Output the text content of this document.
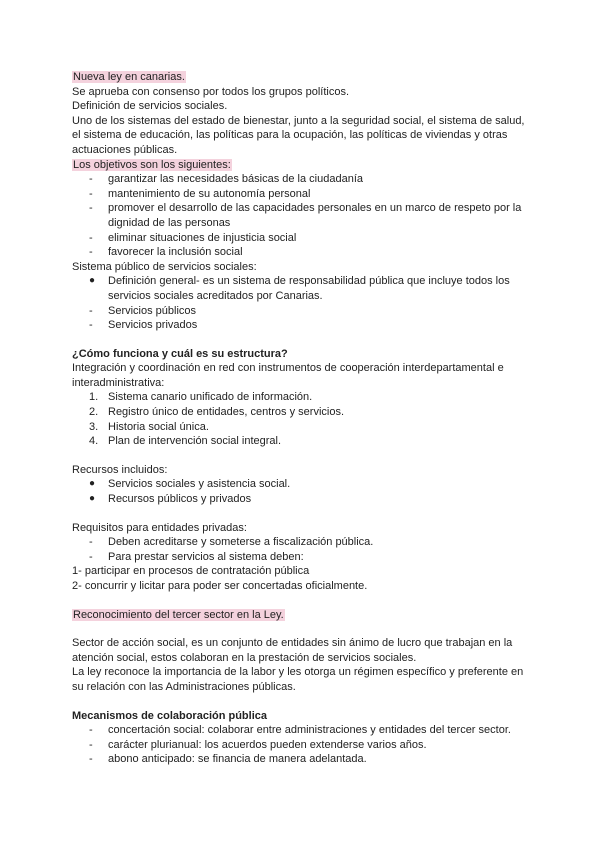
Nueva ley en canarias.

Se aprueba con consenso por todos los grupos políticos.

Definición de servicios sociales.

Uno de los sistemas del estado de bienestar, junto a la seguridad social, el sistema de salud, el sistema de educación, las políticas para la ocupación, las políticas de viviendas y otras actuaciones públicas.

Los objetivos son los siguientes:

- garantizar las necesidades básicas de la ciudadanía
- mantenimiento de su autonomía personal
- promover el desarrollo de las capacidades personales en un marco de respeto por la dignidad de las personas
- eliminar situaciones de injusticia social
- favorecer la inclusión social

Sistema público de servicios sociales:

● Definición general- es un sistema de responsabilidad pública que incluye todos los servicios sociales acreditados por Canarias.
- Servicios públicos
- Servicios privados

¿Cómo funciona y cuál es su estructura?

Integración y coordinación en red con instrumentos de cooperación interdepartamental e interadministrativa:

1. Sistema canario unificado de información.
2. Registro único de entidades, centros y servicios.
3. Historia social única.
4. Plan de intervención social integral.

Recursos incluidos:

● Servicios sociales y asistencia social.
● Recursos públicos y privados

Requisitos para entidades privadas:

- Deben acreditarse y someterse a fiscalización pública.
- Para prestar servicios al sistema deben:

1- participar en procesos de contratación pública

2- concurrir y licitar para poder ser concertadas oficialmente.

Reconocimiento del tercer sector en la Ley.

Sector de acción social, es un conjunto de entidades sin ánimo de lucro que trabajan en la atención social, estos colaboran en la prestación de servicios sociales.

La ley reconoce la importancia de la labor y les otorga un régimen específico y preferente en su relación con las Administraciones públicas.

Mecanismos de colaboración pública

- concertación social: colaborar entre administraciones y entidades del tercer sector.
- carácter plurianual: los acuerdos pueden extenderse varios años.
- abono anticipado: se financia de manera adelantada.
